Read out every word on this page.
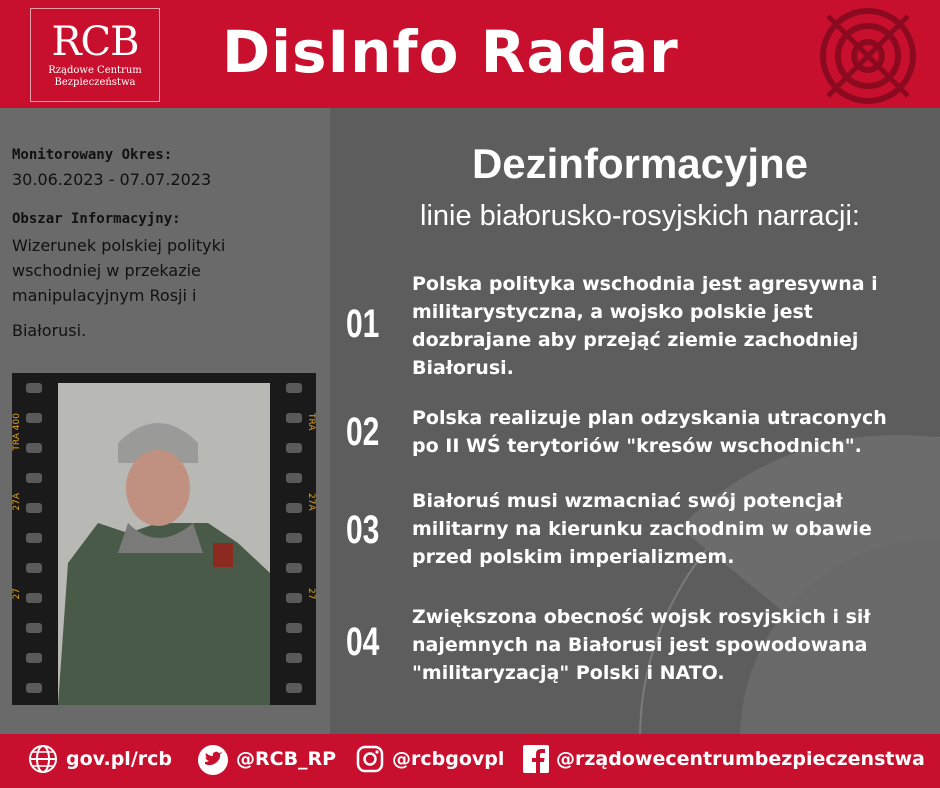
RCB
Rządowe Centrum
Bezpieczeństwa	DisInfo Radar
Monitorowany Okres:
30.06.2023 - 07.07.2023
Obszar Informacyjny:
Wizerunek polskiej polityki
wschodniej w przekazie
manipulacyjnym Rosji i
Białorusi.
TRA 400
27A
27
TRA
27A
27
Dezinformacyjne
linie białorusko-rosyjskich narracji:
01
Polska polityka wschodnia jest agresywna i
militarystyczna, a wojsko polskie jest
dozbrajane aby przejąć ziemie zachodniej
Białorusi.
02 Polska realizuje plan odzyskania utraconych
po II WŚ terytoriów "kresów wschodnich".
03
Białoruś musi wzmacniać swój potencjał
militarny na kierunku zachodnim w obawie
przed polskim imperializmem.
04
Zwiększona obecność wojsk rosyjskich i sił
najemnych na Białorusi jest spowodowana
"militaryzacją" Polski i NATO.
gov.pl/rcb	@RCB_RP	@rcbgovpl	@rządowecentrumbezpieczenstwa
